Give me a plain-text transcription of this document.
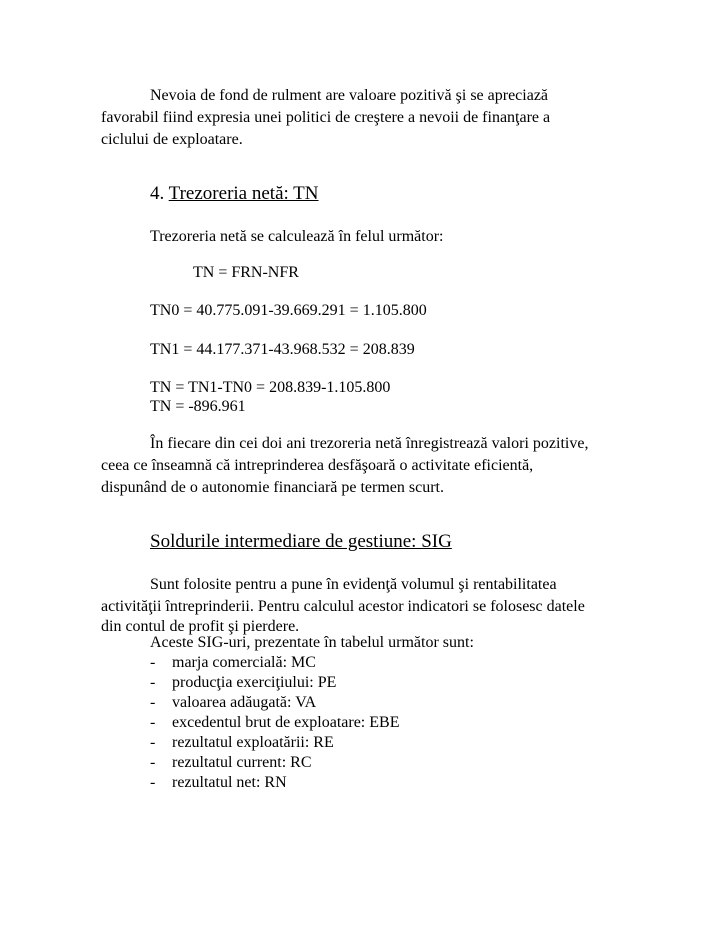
Nevoia de fond de rulment are valoare pozitivă şi se apreciază
favorabil fiind expresia unei politici de creştere a nevoii de finanţare a
ciclului de exploatare.
4. Trezoreria netă: TN
Trezoreria netă se calculează în felul următor:
TN = FRN-NFR
TN0 = 40.775.091-39.669.291 = 1.105.800
TN1 = 44.177.371-43.968.532 = 208.839
TN = TN1-TN0 = 208.839-1.105.800
TN = -896.961
În fiecare din cei doi ani trezoreria netă înregistrează valori pozitive,
ceea ce înseamnă că intreprinderea desfăşoară o activitate eficientă,
dispunând de o autonomie financiară pe termen scurt.
Soldurile intermediare de gestiune: SIG
Sunt folosite pentru a pune în evidenţă volumul şi rentabilitatea
activităţii întreprinderii. Pentru calculul acestor indicatori se folosesc datele
din contul de profit şi pierdere.
Aceste SIG-uri, prezentate în tabelul următor sunt:
- marja comercială: MC
- producţia exerciţiului: PE
- valoarea adăugată: VA
- excedentul brut de exploatare: EBE
- rezultatul exploatării: RE
- rezultatul current: RC
- rezultatul net: RN
